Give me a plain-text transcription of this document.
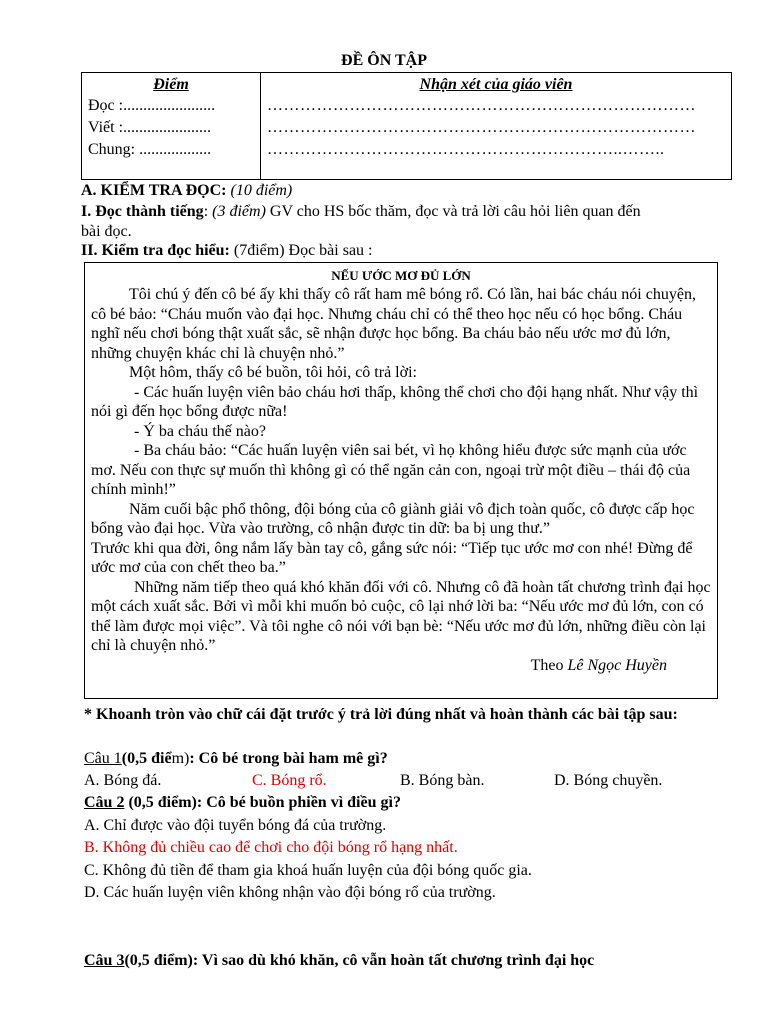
ĐỀ ÔN TẬP
Điểm
Đọc :.......................
Viết :......................
Chung: ..................

Nhận xét của giáo viên
……………………………………………………………………
……………………………………………………………………
………………………………………………………..……..
A. KIỂM TRA ĐỌC: (10 điểm)
I. Đọc thành tiếng: (3 điểm) GV cho HS bốc thăm, đọc và trả lời câu hỏi liên quan đến
bài đọc.
II. Kiểm tra đọc hiểu: (7điểm) Đọc bài sau :

NẾU ƯỚC MƠ ĐỦ LỚN

Tôi chú ý đến cô bé ấy khi thấy cô rất ham mê bóng rổ. Có lần, hai bác cháu nói chuyện, cô bé bảo: “Cháu muốn vào đại học. Nhưng cháu chỉ có thể theo học nếu có học bổng. Cháu nghĩ nếu chơi bóng thật xuất sắc, sẽ nhận được học bổng. Ba cháu bảo nếu ước mơ đủ lớn, những chuyện khác chỉ là chuyện nhỏ.”

Một hôm, thấy cô bé buồn, tôi hỏi, cô trả lời:

- Các huấn luyện viên bảo cháu hơi thấp, không thể chơi cho đội hạng nhất. Như vậy thì nói gì đến học bổng được nữa!

- Ý ba cháu thế nào?

- Ba cháu bảo: “Các huấn luyện viên sai bét, vì họ không hiểu được sức mạnh của ước mơ. Nếu con thực sự muốn thì không gì có thể ngăn cản con, ngoại trừ một điều – thái độ của chính mình!”

Năm cuối bậc phổ thông, đội bóng của cô giành giải vô địch toàn quốc, cô được cấp học bổng vào đại học. Vừa vào trường, cô nhận được tin dữ: ba bị ung thư.”

Trước khi qua đời, ông nắm lấy bàn tay cô, gắng sức nói: “Tiếp tục ước mơ con nhé! Đừng để ước mơ của con chết theo ba.”

Những năm tiếp theo quá khó khăn đối với cô. Nhưng cô đã hoàn tất chương trình đại học một cách xuất sắc. Bởi vì mỗi khi muốn bỏ cuộc, cô lại nhớ lời ba: “Nếu ước mơ đủ lớn, con có thể làm được mọi việc”. Và tôi nghe cô nói với bạn bè: “Nếu ước mơ đủ lớn, những điều còn lại chỉ là chuyện nhỏ.”

Theo Lê Ngọc Huyền

* Khoanh tròn vào chữ cái đặt trước ý trả lời đúng nhất và hoàn thành các bài tập sau:
Câu 1(0,5 điểm): Cô bé trong bài ham mê gì?
A. Bóng đá.	C. Bóng rổ.	B. Bóng bàn.	D. Bóng chuyền.
Câu 2 (0,5 điểm): Cô bé buồn phiền vì điều gì?
A. Chỉ được vào đội tuyển bóng đá của trường.
B. Không đủ chiều cao để chơi cho đội bóng rổ hạng nhất.
C. Không đủ tiền để tham gia khoá huấn luyện của đội bóng quốc gia.
D. Các huấn luyện viên không nhận vào đội bóng rổ của trường.
Câu 3(0,5 điểm): Vì sao dù khó khăn, cô vẫn hoàn tất chương trình đại học
